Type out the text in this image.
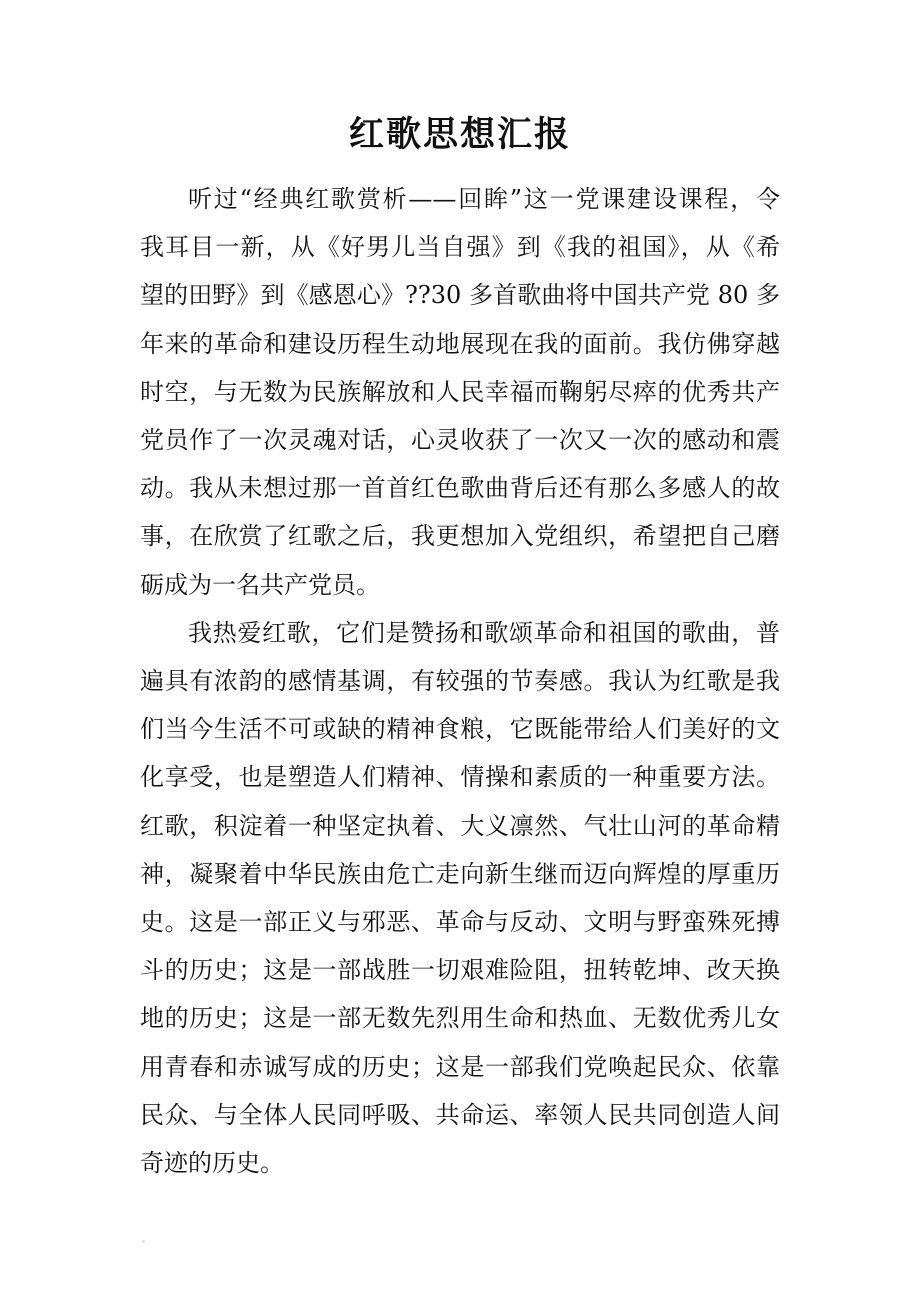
红歌思想汇报
听过“经典红歌赏析——回眸”这一党课建设课程，令
我耳目一新，从《好男儿当自强》到《我的祖国》，从《希
望的田野》到《感恩心》??30 多首歌曲将中国共产党 80 多
年来的革命和建设历程生动地展现在我的面前。我仿佛穿越
时空，与无数为民族解放和人民幸福而鞠躬尽瘁的优秀共产
党员作了一次灵魂对话，心灵收获了一次又一次的感动和震
动。我从未想过那一首首红色歌曲背后还有那么多感人的故
事，在欣赏了红歌之后，我更想加入党组织，希望把自己磨
砺成为一名共产党员。
我热爱红歌，它们是赞扬和歌颂革命和祖国的歌曲，普
遍具有浓韵的感情基调，有较强的节奏感。我认为红歌是我
们当今生活不可或缺的精神食粮，它既能带给人们美好的文
化享受，也是塑造人们精神、情操和素质的一种重要方法。
红歌，积淀着一种坚定执着、大义凛然、气壮山河的革命精
神，凝聚着中华民族由危亡走向新生继而迈向辉煌的厚重历
史。这是一部正义与邪恶、革命与反动、文明与野蛮殊死搏
斗的历史；这是一部战胜一切艰难险阻，扭转乾坤、改天换
地的历史；这是一部无数先烈用生命和热血、无数优秀儿女
用青春和赤诚写成的历史；这是一部我们党唤起民众、依靠
民众、与全体人民同呼吸、共命运、率领人民共同创造人间
奇迹的历史。
